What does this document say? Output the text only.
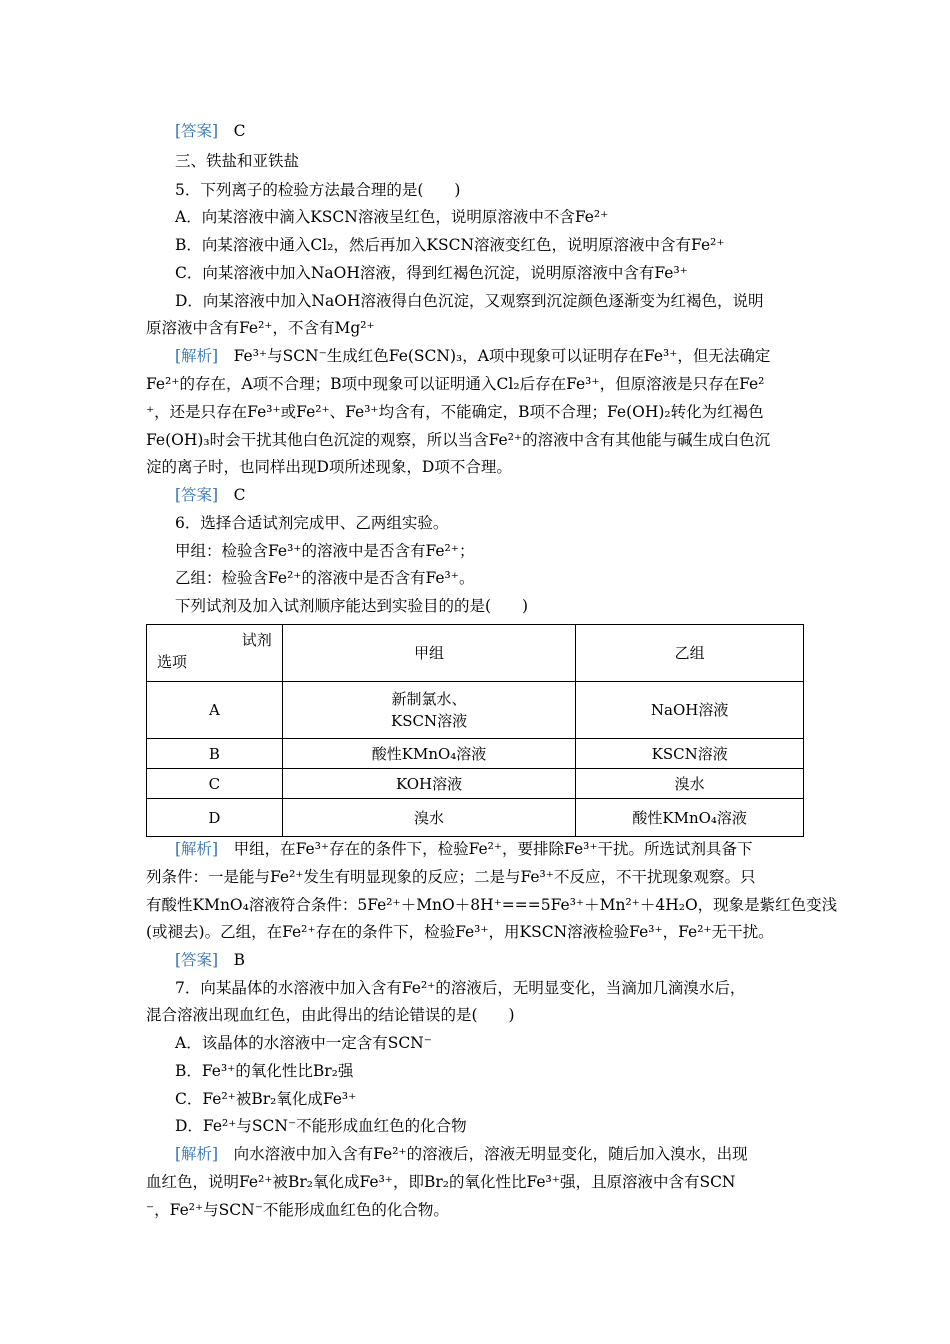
[答案]　C
三、铁盐和亚铁盐
5．下列离子的检验方法最合理的是(　　)
A．向某溶液中滴入KSCN溶液呈红色，说明原溶液中不含Fe²⁺
B．向某溶液中通入Cl₂，然后再加入KSCN溶液变红色，说明原溶液中含有Fe²⁺
C．向某溶液中加入NaOH溶液，得到红褐色沉淀，说明原溶液中含有Fe³⁺
D．向某溶液中加入NaOH溶液得白色沉淀，又观察到沉淀颜色逐渐变为红褐色，说明
原溶液中含有Fe²⁺，不含有Mg²⁺
[解析]　Fe³⁺与SCN⁻生成红色Fe(SCN)₃，A项中现象可以证明存在Fe³⁺，但无法确定
Fe²⁺的存在，A项不合理；B项中现象可以证明通入Cl₂后存在Fe³⁺，但原溶液是只存在Fe²
⁺，还是只存在Fe³⁺或Fe²⁺、Fe³⁺均含有，不能确定，B项不合理；Fe(OH)₂转化为红褐色
Fe(OH)₃时会干扰其他白色沉淀的观察，所以当含Fe²⁺的溶液中含有其他能与碱生成白色沉
淀的离子时，也同样出现D项所述现象，D项不合理。
[答案]　C
6．选择合适试剂完成甲、乙两组实验。
甲组：检验含Fe³⁺的溶液中是否含有Fe²⁺；
乙组：检验含Fe²⁺的溶液中是否含有Fe³⁺。
下列试剂及加入试剂顺序能达到实验目的的是(　　)
试剂
选项	甲组	乙组
A	新制氯水、
KSCN溶液	NaOH溶液
B	酸性KMnO₄溶液	KSCN溶液
C	KOH溶液	溴水
D	溴水	酸性KMnO₄溶液
[解析]　甲组，在Fe³⁺存在的条件下，检验Fe²⁺，要排除Fe³⁺干扰。所选试剂具备下
列条件：一是能与Fe²⁺发生有明显现象的反应；二是与Fe³⁺不反应，不干扰现象观察。只
有酸性KMnO₄溶液符合条件：5Fe²⁺＋MnO＋8H⁺===5Fe³⁺＋Mn²⁺＋4H₂O，现象是紫红色变浅
(或褪去)。乙组，在Fe²⁺存在的条件下，检验Fe³⁺，用KSCN溶液检验Fe³⁺，Fe²⁺无干扰。
[答案]　B
7．向某晶体的水溶液中加入含有Fe²⁺的溶液后，无明显变化，当滴加几滴溴水后，
混合溶液出现血红色，由此得出的结论错误的是(　　)
A．该晶体的水溶液中一定含有SCN⁻
B．Fe³⁺的氧化性比Br₂强
C．Fe²⁺被Br₂氧化成Fe³⁺
D．Fe²⁺与SCN⁻不能形成血红色的化合物
[解析]　向水溶液中加入含有Fe²⁺的溶液后，溶液无明显变化，随后加入溴水，出现
血红色，说明Fe²⁺被Br₂氧化成Fe³⁺，即Br₂的氧化性比Fe³⁺强，且原溶液中含有SCN
⁻，Fe²⁺与SCN⁻不能形成血红色的化合物。
